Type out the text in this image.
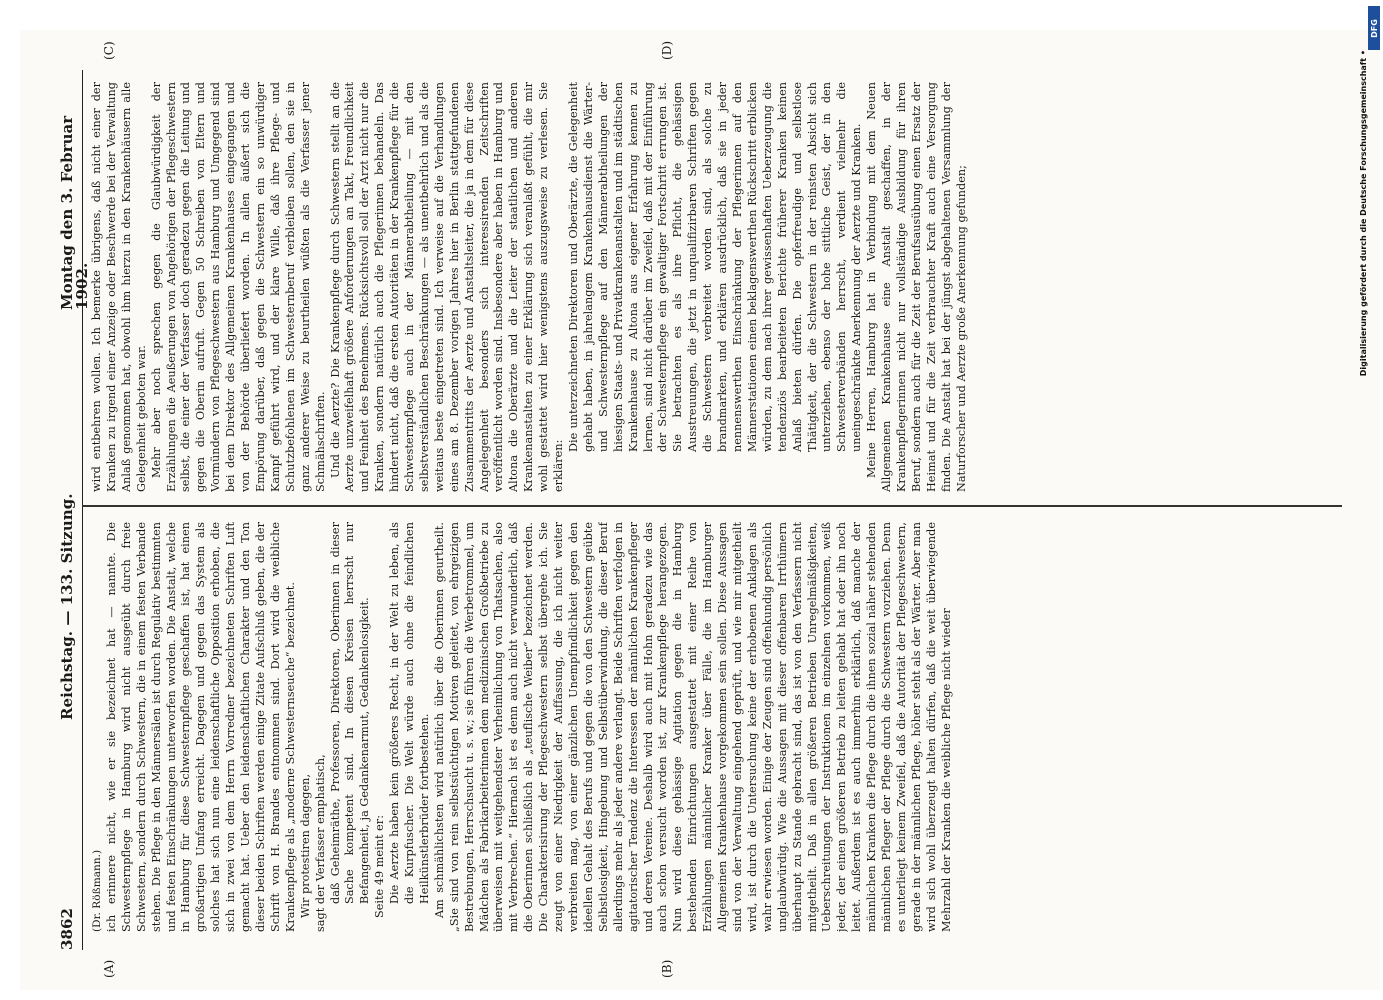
3862
Reichstag. — 133. Sitzung.
Montag den 3. Februar 1902.
(A)	(B)
(C)	(D)

(Dr. Rößmann.) ich erinnere nicht, wie er sie bezeichnet hat — nannte. Die Schwesternpflege in Hamburg wird nicht ausgeübt durch freie Schwestern, sondern durch Schwestern, die in einem festen Verbande stehen. Die Pflege in den Männersälen ist durch Regulativ bestimmten und festen Einschränkungen unterworfen worden. Die Anstalt, welche in Hamburg für diese Schwesternpflege geschaffen ist, hat einen großartigen Umfang erreicht. Dagegen und gegen das System als solches hat sich nun eine leidenschaftliche Opposition erhoben, die sich in zwei von dem Herrn Vorredner bezeichneten Schriften Luft gemacht hat. Ueber den leidenschaftlichen Charakter und den Ton dieser beiden Schriften werden einige Zitate Aufschluß geben, die der Schrift von H. Brandes entnommen sind. Dort wird die weibliche Krankenpflege als „moderne Schwesternseuche“ bezeichnet. Wir protestiren dagegen, sagt der Verfasser emphatisch, daß Geheimräthe, Professoren, Direktoren, Oberinnen in dieser Sache kompetent sind. In diesen Kreisen herrscht nur Befangenheit, ja Gedankenarmut, Gedankenlosigkeit. Seite 49 meint er: Die Aerzte haben kein größeres Recht, in der Welt zu leben, als die Kurpfuscher. Die Welt würde auch ohne die feindlichen Heilkünstlerbrüder fortbestehen. Am schmählichsten wird natürlich über die Oberinnen geurtheilt. „Sie sind von rein selbstsüchtigen Motiven geleitet, von ehrgeizigen Bestrebungen, Herrschsucht u. s. w.; sie führen die Werbetrommel, um Mädchen als Fabrikarbeiterinnen dem medizinischen Großbetriebe zu überweisen mit weitgehendster Verheimlichung von Thatsachen, also mit Verbrechen.“ Hiernach ist es denn auch nicht verwunderlich, daß die Oberinnen schließlich als „teuflische Weiber“ bezeichnet werden. Die Charakterisirung der Pflegeschwestern selbst übergehe ich. Sie zeugt von einer Niedrigkeit der Auffassung, die ich nicht weiter verbreiten mag, von einer gänzlichen Unempfindlichkeit gegen den ideellen Gehalt des Berufs und gegen die von den Schwestern geübte Selbstlosigkeit, Hingebung und Selbstüberwindung, die dieser Beruf allerdings mehr als jeder andere verlangt. Beide Schriften verfolgen in agitatorischer Tendenz die Interessen der männlichen Krankenpfleger und deren Vereine. Deshalb wird auch mit Hohn geradezu wie das auch schon versucht worden ist, zur Krankenpflege herangezogen. Nun wird diese gehässige Agitation gegen die in Hamburg bestehenden Einrichtungen ausgestattet mit einer Reihe von Erzählungen männlicher Kranker über Fälle, die im Hamburger Allgemeinen Krankenhause vorgekommen sein sollen. Diese Aussagen sind von der Verwaltung eingehend geprüft, und wie mir mitgetheilt wird, ist durch die Untersuchung keine der erhobenen Anklagen als wahr erwiesen worden. Einige der Zeugen sind offenkundig persönlich unglaubwürdig. Wie die Aussagen mit dieser offenbaren Irrthümern überhaupt zu Stande gebracht sind, das ist von den Verfassern nicht mitgetheilt. Daß in allen größeren Betrieben Unregelmäßigkeiten, Ueberschreitungen der Instruktionen im einzelnen vorkommen, weiß jeder, der einen größeren Betrieb zu leiten gehabt hat oder ihn noch leitet. Außerdem ist es auch immerhin erklärlich, daß manche der männlichen Kranken die Pflege durch die ihnen sozial näher stehenden männlichen Pfleger der Pflege durch die Schwestern vorziehen. Denn es unterliegt keinem Zweifel, daß die Autorität der Pflegeschwestern, gerade in der männlichen Pflege, höher steht als der Wärter. Aber man wird sich wohl überzeugt halten dürfen, daß die weit überwiegende Mehrzahl der Kranken die weibliche Pflege nicht wieder

wird entbehren wollen. Ich bemerke übrigens, daß nicht einer der Kranken zu irgend einer Anzeige oder Beschwerde bei der Verwaltung Anlaß genommen hat, obwohl ihm hierzu in den Krankenhäusern alle Gelegenheit geboten war. Mehr aber noch sprechen gegen die Glaubwürdigkeit der Erzählungen die Aeußerungen von Angehörigen der Pflegeschwestern selbst, die einer der Verfasser doch geradezu gegen die Leitung und gegen die Oberin aufruft. Gegen 50 Schreiben von Eltern und Vormündern von Pflegeschwestern aus Hamburg und Umgegend sind bei dem Direktor des Allgemeinen Krankenhauses eingegangen und von der Behörde überliefert worden. In allen äußert sich die Empörung darüber, daß gegen die Schwestern ein so unwürdiger Kampf geführt wird, und der klare Wille, daß ihre Pflege- und Schutzbefohlenen im Schwesternberuf verbleiben sollen, den sie in ganz anderer Weise zu beurtheilen wüßten als die Verfasser jener Schmähschriften. Und die Aerzte? Die Krankenpflege durch Schwestern stellt an die Aerzte unzweifelhaft größere Anforderungen an Takt, Freundlichkeit und Feinheit des Benehmens. Rücksichtsvoll soll der Arzt nicht nur die Kranken, sondern natürlich auch die Pflegerinnen behandeln. Das hindert nicht, daß die ersten Autoritäten in der Krankenpflege für die Schwesternpflege auch in der Männerabtheilung — mit den selbstverständlichen Beschränkungen — als unentbehrlich und als die weitaus beste eingetreten sind. Ich verweise auf die Verhandlungen eines am 8. Dezember vorigen Jahres hier in Berlin stattgefundenen Zusammentritts der Aerzte und Anstaltsleiter, die ja in dem für diese Angelegenheit besonders sich interessirenden Zeitschriften veröffentlicht worden sind. Insbesondere aber haben in Hamburg und Altona die Oberärzte und die Leiter der staatlichen und anderen Krankenanstalten zu einer Erklärung sich veranlaßt gefühlt, die mir wohl gestattet wird hier wenigstens auszugsweise zu verlesen. Sie erklären:

Die unterzeichneten Direktoren und Oberärzte, die Gelegenheit gehabt haben, in jahrelangem Krankenhausdienst die Wärter- und Schwesternpflege auf den Männerabtheilungen der hiesigen Staats- und Privatkrankenanstalten und im städtischen Krankenhause zu Altona aus eigener Erfahrung kennen zu lernen, sind nicht darüber im Zweifel, daß mit der Einführung der Schwesternpflege ein gewaltiger Fortschritt errungen ist. Sie betrachten es als ihre Pflicht, die gehässigen Ausstreuungen, die jetzt in unqualifizirbaren Schriften gegen die Schwestern verbreitet worden sind, als solche zu brandmarken, und erklären ausdrücklich, daß sie in jeder nennenswerthen Einschränkung der Pflegerinnen auf den Männerstationen einen beklagenswerthen Rückschritt erblicken würden, zu dem nach ihrer gewissenhaften Ueberzeugung die tendenziös bearbeiteten Berichte früherer Kranken keinen Anlaß bieten dürfen. Die opferfreudige und selbstlose Thätigkeit, der die Schwestern in der reinsten Absicht sich unterziehen, ebenso der hohe sittliche Geist, der in den Schwesterverbänden herrscht, verdient vielmehr die uneingeschränkte Anerkennung der Aerzte und Kranken. Meine Herren, Hamburg hat in Verbindung mit dem Neuen Allgemeinen Krankenhause eine Anstalt geschaffen, in der Krankenpflegerinnen nicht nur vollständige Ausbildung für ihren Beruf, sondern auch für die Zeit der Berufsausübung einen Ersatz der Heimat und für die Zeit verbrauchter Kraft auch eine Versorgung finden. Die Anstalt hat bei der jüngst abgehaltenen Versammlung der Naturforscher und Aerzte große Anerkennung gefunden;	Digitalisierung gefördert durch die Deutsche Forschungsgemeinschaft •
DFG
